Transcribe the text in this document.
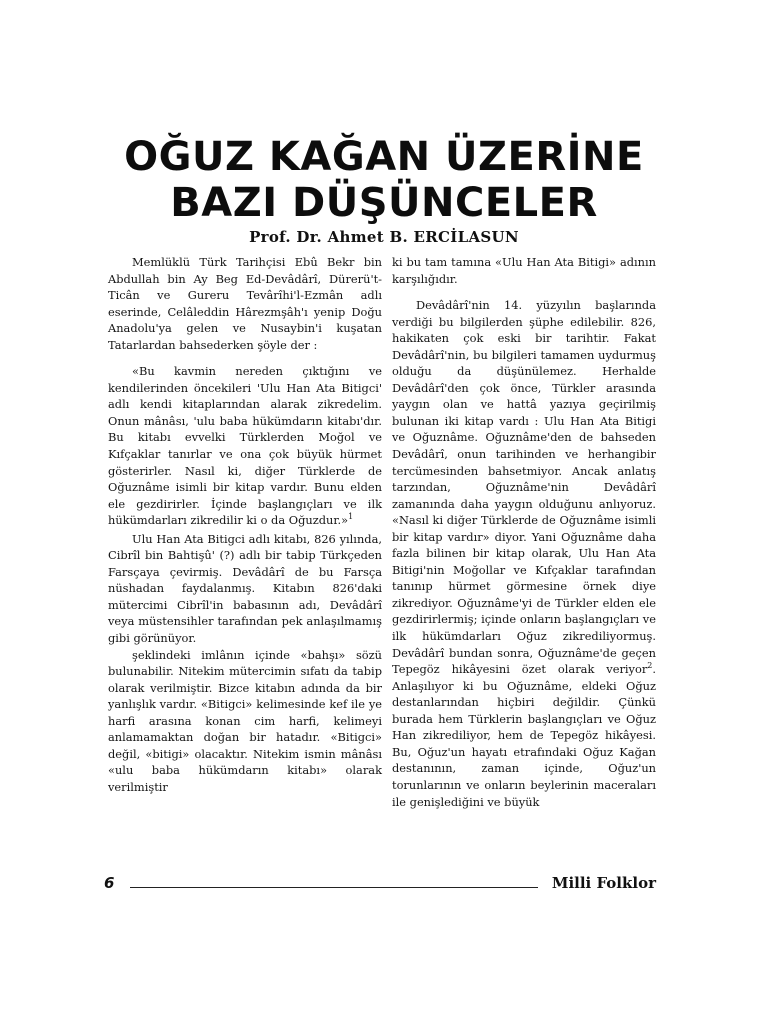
OĞUZ KAĞAN ÜZERİNE
BAZI DÜŞÜNCELER
Prof. Dr. Ahmet B. ERCİLASUN

Memlüklü Türk Tarihçisi Ebû Bekr bin Abdullah bin Ay Beg Ed-Devâdârî, Dürerü't-Ticân ve Gureru Tevârîhi'l-Ezmân adlı eserinde, Celâleddin Hârezmşâh'ı yenip Doğu Anadolu'ya gelen ve Nusaybin'i kuşatan Tatarlardan bahsederken şöyle der :

«Bu kavmin nereden çıktığını ve kendilerinden öncekileri 'Ulu Han Ata Bitigci' adlı kendi kitaplarından alarak zikredelim. Onun mânâsı, 'ulu baba hükümdarın kitabı'dır. Bu kitabı evvelki Türklerden Moğol ve Kıfçaklar tanırlar ve ona çok büyük hürmet gösterirler. Nasıl ki, diğer Türklerde de Oğuznâme isimli bir kitap vardır. Bunu elden ele gezdirirler. İçinde başlangıçları ve ilk hükümdarları zikredilir ki o da Oğuzdur.»$^1$

Ulu Han Ata Bitigci adlı kitabı, 826 yılında, Cibrîl bin Bahtişû' (?) adlı bir tabip Türkçeden Farsçaya çevirmiş. Devâdârî de bu Farsça nüshadan faydalanmış. Kitabın 826'daki mütercimi Cibrîl'in babasının adı, Devâdârî veya müstensihler tarafından pek anlaşılmamış gibi görünüyor.

şeklindeki imlânın içinde «bahşı» sözü bulunabilir. Nitekim mütercimin sıfatı da tabip olarak verilmiştir. Bizce kitabın adında da bir yanlışlık vardır. «Bitigci» kelimesinde kef ile ye harfi arasına konan cim harfi, kelimeyi anlamamaktan doğan bir hatadır. «Bitigci» değil, «bitigi» olacaktır. Nitekim ismin mânâsı «ulu baba hükümdarın kitabı» olarak verilmiştir

ki bu tam tamına «Ulu Han Ata Bitigi» adının karşılığıdır.

Devâdârî'nin 14. yüzyılın başlarında verdiği bu bilgilerden şüphe edilebilir. 826, hakikaten çok eski bir tarihtir. Fakat Devâdârî'nin, bu bilgileri tamamen uydurmuş olduğu da düşünülemez. Herhalde Devâdârî'den çok önce, Türkler arasında yaygın olan ve hattâ yazıya geçirilmiş bulunan iki kitap vardı : Ulu Han Ata Bitigi ve Oğuznâme. Oğuznâme'den de bahseden Devâdârî, onun tarihinden ve herhangibir tercümesinden bahsetmiyor. Ancak anlatış tarzından, Oğuznâme'nin Devâdârî zamanında daha yaygın olduğunu anlıyoruz. «Nasıl ki diğer Türklerde de Oğuznâme isimli bir kitap vardır» diyor. Yani Oğuznâme daha fazla bilinen bir kitap olarak, Ulu Han Ata Bitigi'nin Moğollar ve Kıfçaklar tarafından tanınıp hürmet görmesine örnek diye zikrediyor. Oğuznâme'yi de Türkler elden ele gezdirirlermiş; içinde onların başlangıçları ve ilk hükümdarları Oğuz zikrediliyormuş. Devâdârî bundan sonra, Oğuznâme'de geçen Tepegöz hikâyesini özet olarak veriyor$^2$. Anlaşılıyor ki bu Oğuznâme, eldeki Oğuz destanlarından hiçbiri değildir. Çünkü burada hem Türklerin başlangıçları ve Oğuz Han zikrediliyor, hem de Tepegöz hikâyesi. Bu, Oğuz'un hayatı etrafındaki Oğuz Kağan destanının, zaman içinde, Oğuz'un torunlarının ve onların beylerinin maceraları ile genişlediğini ve büyük

6	Milli Folklor
